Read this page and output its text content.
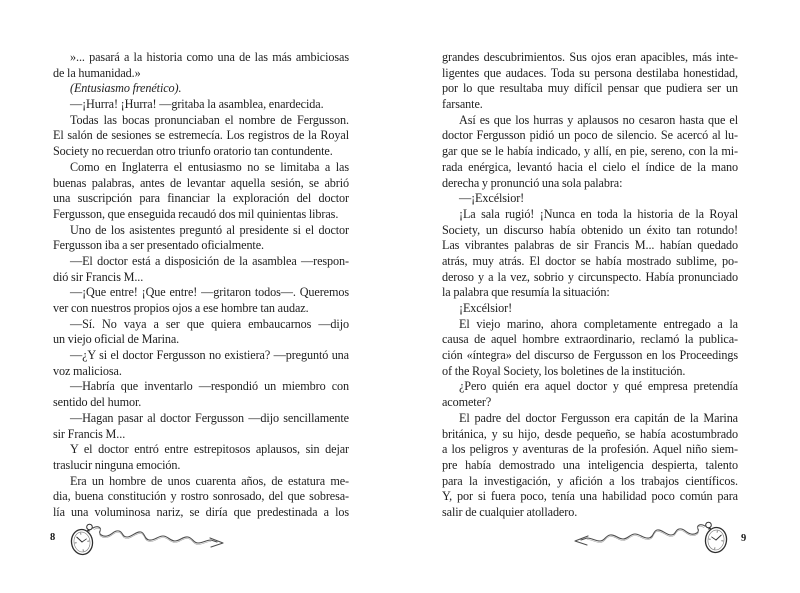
»... pasará a la historia como una de las más ambiciosas
de la humanidad.»
(Entusiasmo frenético).
—¡Hurra! ¡Hurra! —gritaba la asamblea, enardecida.
Todas las bocas pronunciaban el nombre de Fergusson.
El salón de sesiones se estremecía. Los registros de la Royal
Society no recuerdan otro triunfo oratorio tan contundente.
Como en Inglaterra el entusiasmo no se limitaba a las
buenas palabras, antes de levantar aquella sesión, se abrió
una suscripción para financiar la exploración del doctor
Fergusson, que enseguida recaudó dos mil quinientas libras.
Uno de los asistentes preguntó al presidente si el doctor
Fergusson iba a ser presentado oficialmente.
—El doctor está a disposición de la asamblea —respon-
dió sir Francis M...
—¡Que entre! ¡Que entre! —gritaron todos—. Queremos
ver con nuestros propios ojos a ese hombre tan audaz.
—Sí. No vaya a ser que quiera embaucarnos —dijo
un viejo oficial de Marina.
—¿Y si el doctor Fergusson no existiera? —preguntó una
voz maliciosa.
—Habría que inventarlo —respondió un miembro con
sentido del humor.
—Hagan pasar al doctor Fergusson —dijo sencillamente
sir Francis M...
Y el doctor entró entre estrepitosos aplausos, sin dejar
traslucir ninguna emoción.
Era un hombre de unos cuarenta años, de estatura me-
dia, buena constitución y rostro sonrosado, del que sobresa-
lía una voluminosa nariz, se diría que predestinada a los
8
grandes descubrimientos. Sus ojos eran apacibles, más inte-
ligentes que audaces. Toda su persona destilaba honestidad,
por lo que resultaba muy difícil pensar que pudiera ser un
farsante.
Así es que los hurras y aplausos no cesaron hasta que el
doctor Fergusson pidió un poco de silencio. Se acercó al lu-
gar que se le había indicado, y allí, en pie, sereno, con la mi-
rada enérgica, levantó hacia el cielo el índice de la mano
derecha y pronunció una sola palabra:
—¡Excélsior!
¡La sala rugió! ¡Nunca en toda la historia de la Royal
Society, un discurso había obtenido un éxito tan rotundo!
Las vibrantes palabras de sir Francis M... habían quedado
atrás, muy atrás. El doctor se había mostrado sublime, po-
deroso y a la vez, sobrio y circunspecto. Había pronunciado
la palabra que resumía la situación:
¡Excélsior!
El viejo marino, ahora completamente entregado a la
causa de aquel hombre extraordinario, reclamó la publica-
ción «íntegra» del discurso de Fergusson en los Proceedings
of the Royal Society, los boletines de la institución.
¿Pero quién era aquel doctor y qué empresa pretendía
acometer?
El padre del doctor Fergusson era capitán de la Marina
británica, y su hijo, desde pequeño, se había acostumbrado
a los peligros y aventuras de la profesión. Aquel niño siem-
pre había demostrado una inteligencia despierta, talento
para la investigación, y afición a los trabajos científicos.
Y, por si fuera poco, tenía una habilidad poco común para
salir de cualquier atolladero.
9
